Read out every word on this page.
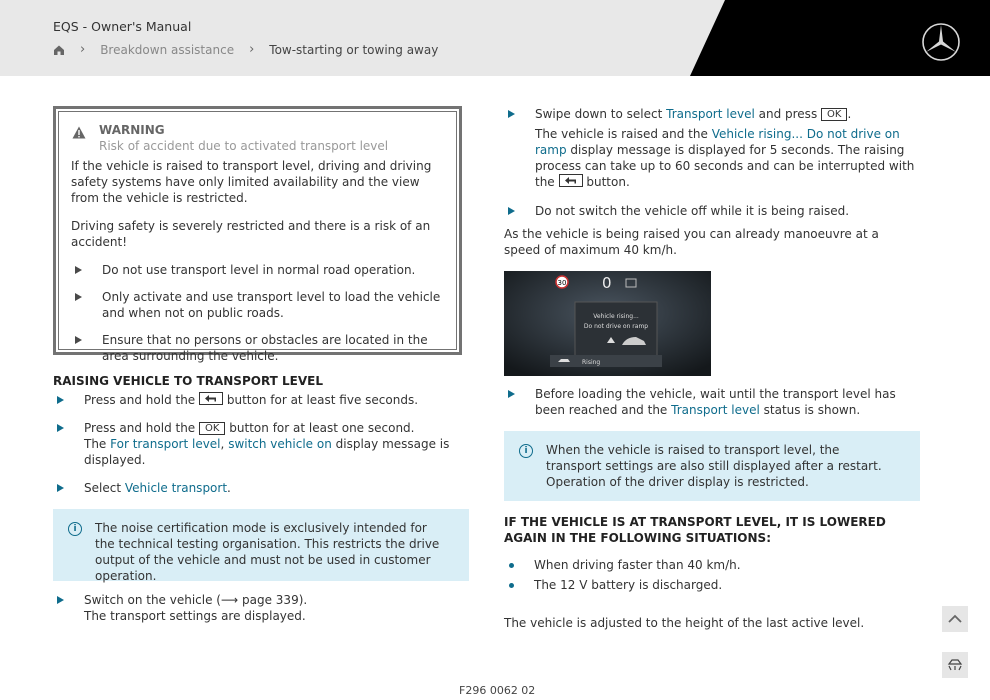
EQS - Owner's Manual
› Breakdown assistance › Tow-starting or towing away
WARNING
Risk of accident due to activated transport level

If the vehicle is raised to transport level, driving and driving safety systems have only limited availability and the view from the vehicle is restricted.

Driving safety is severely restricted and there is a risk of an accident!

Do not use transport level in normal road operation.
Only activate and use transport level to load the vehicle and when not on public roads.
Ensure that no persons or obstacles are located in the area surrounding the vehicle.
RAISING VEHICLE TO TRANSPORT LEVEL
Press and hold the	button for at least five seconds.
Press and hold the OK button for at least one second.
The For transport level, switch vehicle on display message is displayed.
Select Vehicle transport.
i	The noise certification mode is exclusively intended for the technical testing organisation. This restricts the drive output of the vehicle and must not be used in customer operation.
Switch on the vehicle (⟶ page 339).
The transport settings are displayed.
Swipe down to select Transport level and press OK .
The vehicle is raised and the Vehicle rising... Do not drive on ramp display message is displayed for 5 seconds. The raising process can take up to 60 seconds and can be interrupted with the	button.
Do not switch the vehicle off while it is being raised.
As the vehicle is being raised you can already manoeuvre at a speed of maximum 40 km/h.
30 0
Vehicle rising...
Do not drive on ramp
Rising
Before loading the vehicle, wait until the transport level has been reached and the Transport level status is shown.
i	When the vehicle is raised to transport level, the transport settings are also still displayed after a restart. Operation of the driver display is restricted.
IF THE VEHICLE IS AT TRANSPORT LEVEL, IT IS LOWERED AGAIN IN THE FOLLOWING SITUATIONS:
When driving faster than 40 km/h.
The 12 V battery is discharged.
The vehicle is adjusted to the height of the last active level.
F296 0062 02
